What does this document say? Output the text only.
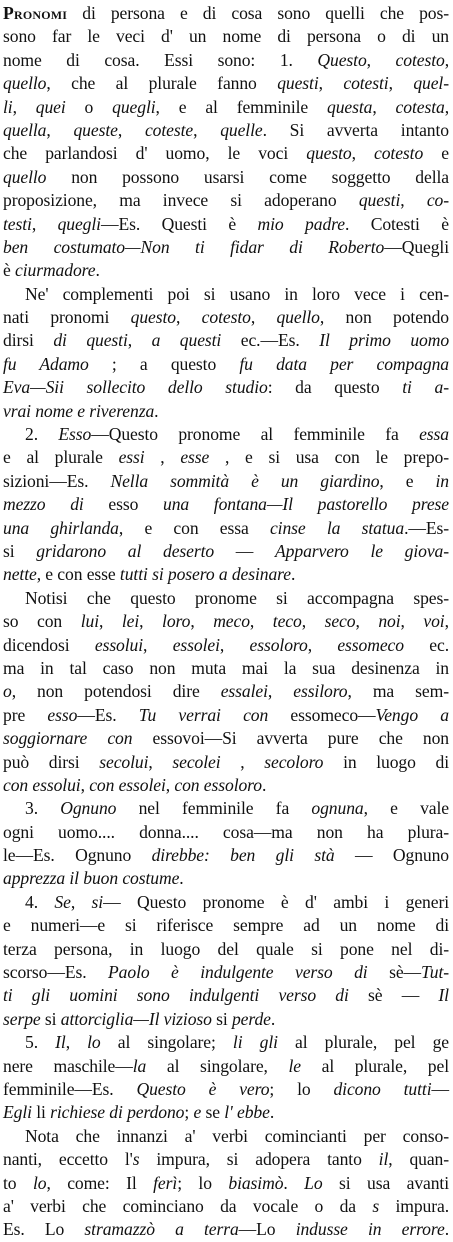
Pronomi di persona e di cosa sono quelli che pos-
sono far le veci d' un nome di persona o di un
nome di cosa. Essi sono: 1. Questo, cotesto,
quello, che al plurale fanno questi, cotesti, quel-
li, quei o quegli, e al femminile questa, cotesta,
quella, queste, coteste, quelle. Si avverta intanto
che parlandosi d' uomo, le voci questo, cotesto e
quello non possono usarsi come soggetto della
proposizione, ma invece si adoperano questi, co-
testi, quegli—Es. Questi è mio padre. Cotesti è
ben costumato—Non ti fidar di Roberto—Quegli
è ciurmadore.
Ne' complementi poi si usano in loro vece i cen-
nati pronomi questo, cotesto, quello, non potendo
dirsi di questi, a questi ec.—Es. Il primo uomo
fu Adamo ; a questo fu data per compagna
Eva—Sii sollecito dello studio: da questo ti a-
vrai nome e riverenza.
2. Esso—Questo pronome al femminile fa essa
e al plurale essi , esse , e si usa con le prepo-
sizioni—Es. Nella sommità è un giardino, e in
mezzo di esso una fontana—Il pastorello prese
una ghirlanda, e con essa cinse la statua.—Es-
si gridarono al deserto — Apparvero le giova-
nette, e con esse tutti si posero a desinare.
Notisi che questo pronome si accompagna spes-
so con lui, lei, loro, meco, teco, seco, noi, voi,
dicendosi essolui, essolei, essoloro, essomeco ec.
ma in tal caso non muta mai la sua desinenza in
o, non potendosi dire essalei, essiloro, ma sem-
pre esso—Es. Tu verrai con essomeco—Vengo a
soggiornare con essovoi—Si avverta pure che non
può dirsi secolui, secolei , secoloro in luogo di
con essolui, con essolei, con essoloro.
3. Ognuno nel femminile fa ognuna, e vale
ogni uomo.... donna.... cosa—ma non ha plura-
le—Es. Ognuno direbbe: ben gli stà — Ognuno
apprezza il buon costume.
4. Se, si— Questo pronome è d' ambi i generi
e numeri—e si riferisce sempre ad un nome di
terza persona, in luogo del quale si pone nel di-
scorso—Es. Paolo è indulgente verso di sè—Tut-
ti gli uomini sono indulgenti verso di sè — Il
serpe si attorciglia—Il vizioso si perde.
5. Il, lo al singolare; li gli al plurale, pel ge
nere maschile—la al singolare, le al plurale, pel
femminile—Es. Questo è vero; lo dicono tutti—
Egli li richiese di perdono; e se l' ebbe.
Nota che innanzi a' verbi comincianti per conso-
nanti, eccetto l's impura, si adopera tanto il, quan-
to lo, come: Il ferì; lo biasimò. Lo si usa avanti
a' verbi che cominciano da vocale o da s impura.
Es. Lo stramazzò a terra—Lo indusse in errore.
